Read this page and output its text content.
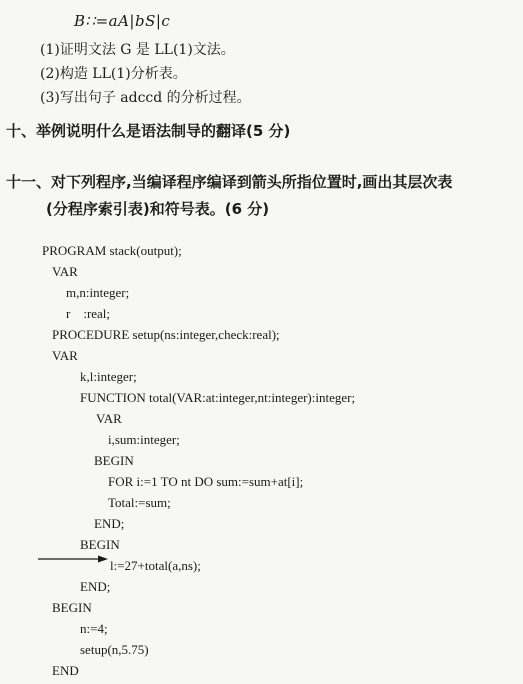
B∷=aA|bS|c
(1)证明文法 G 是 LL(1)文法。
(2)构造 LL(1)分析表。
(3)写出句子 adccd 的分析过程。
十、举例说明什么是语法制导的翻译(5 分)
十一、对下列程序,当编译程序编译到箭头所指位置时,画出其层次表
(分程序索引表)和符号表。(6 分)
PROGRAM stack(output);
VAR
m,n:integer;
r    :real;
PROCEDURE setup(ns:integer,check:real);
VAR
k,l:integer;
FUNCTION total(VAR:at:integer,nt:integer):integer;
VAR
i,sum:integer;
BEGIN
FOR i:=1 TO nt DO sum:=sum+at[i];
Total:=sum;
END;
BEGIN
l:=27+total(a,ns);
END;
BEGIN
n:=4;
setup(n,5.75)
END
